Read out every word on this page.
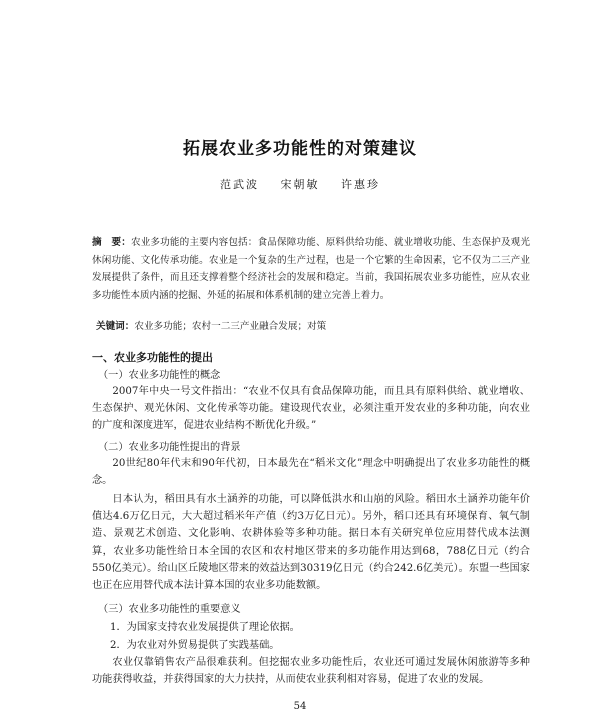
拓展农业多功能性的对策建议
范武波 宋朝敏 许惠珍
摘　要：农业多功能的主要内容包括：食品保障功能、原料供给功能、就业增收功能、生态保护及观光休闲功能、文化传承功能。农业是一个复杂的生产过程，也是一个它繁的生命因素，它不仅为二三产业发展提供了条件，而且还支撑着整个经济社会的发展和稳定。当前，我国拓展农业多功能性，应从农业多功能性本质内涵的挖掘、外延的拓展和体系机制的建立完善上着力。
关键词：农业多功能；农村一二三产业融合发展；对策
一、农业多功能性的提出
（一）农业多功能性的概念
2007年中央一号文件指出：“农业不仅具有食品保障功能，而且具有原料供给、就业增收、生态保护、观光休闲、文化传承等功能。建设现代农业，必须注重开发农业的多种功能，向农业的广度和深度进军，促进农业结构不断优化升级。”
（二）农业多功能性提出的背景
20世纪80年代末和90年代初，日本最先在“稻米文化”理念中明确提出了农业多功能性的概念。
日本认为，稻田具有水土涵养的功能，可以降低洪水和山崩的风险。稻田水土涵养功能年价值达4.6万亿日元，大大超过稻米年产值（约3万亿日元）。另外，稻口还具有环境保育、氧气制造、景观艺术创造、文化影响、农耕体验等多种功能。据日本有关研究单位应用替代成本法测算，农业多功能性给日本全国的农区和农村地区带来的多功能作用达到68，788亿日元（约合550亿美元）。给山区丘陵地区带来的效益达到30319亿日元（约合242.6亿美元）。东盟一些国家也正在应用替代成本法计算本国的农业多功能数额。
（三）农业多功能性的重要意义
1．为国家支持农业发展提供了理论依据。
2．为农业对外贸易提供了实践基础。
农业仅靠销售农产品很难获利。但挖掘农业多功能性后，农业还可通过发展休闲旅游等多种功能获得收益，并获得国家的大力扶持，从而使农业获利相对容易，促进了农业的发展。
54
